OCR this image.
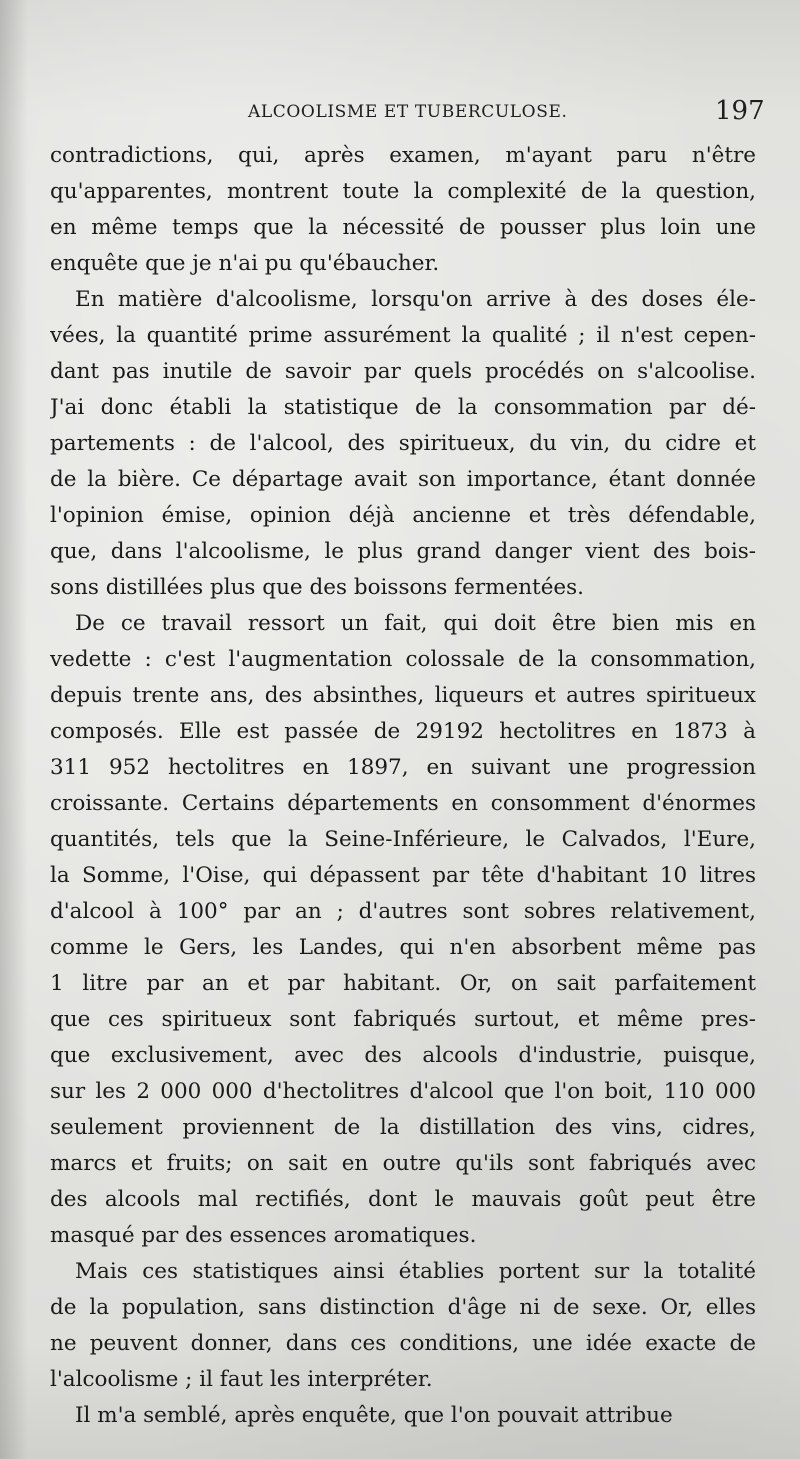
ALCOOLISME ET TUBERCULOSE.	197
contradictions, qui, après examen, m'ayant paru n'être
qu'apparentes, montrent toute la complexité de la question,
en même temps que la nécessité de pousser plus loin une
enquête que je n'ai pu qu'ébaucher.
En matière d'alcoolisme, lorsqu'on arrive à des doses éle-
vées, la quantité prime assurément la qualité ; il n'est cepen-
dant pas inutile de savoir par quels procédés on s'alcoolise.
J'ai donc établi la statistique de la consommation par dé-
partements : de l'alcool, des spiritueux, du vin, du cidre et
de la bière. Ce départage avait son importance, étant donnée
l'opinion émise, opinion déjà ancienne et très défendable,
que, dans l'alcoolisme, le plus grand danger vient des bois-
sons distillées plus que des boissons fermentées.
De ce travail ressort un fait, qui doit être bien mis en
vedette : c'est l'augmentation colossale de la consommation,
depuis trente ans, des absinthes, liqueurs et autres spiritueux
composés. Elle est passée de 29192 hectolitres en 1873 à
311 952 hectolitres en 1897, en suivant une progression
croissante. Certains départements en consomment d'énormes
quantités, tels que la Seine-Inférieure, le Calvados, l'Eure,
la Somme, l'Oise, qui dépassent par tête d'habitant 10 litres
d'alcool à 100° par an ; d'autres sont sobres relativement,
comme le Gers, les Landes, qui n'en absorbent même pas
1 litre par an et par habitant. Or, on sait parfaitement
que ces spiritueux sont fabriqués surtout, et même pres-
que exclusivement, avec des alcools d'industrie, puisque,
sur les 2 000 000 d'hectolitres d'alcool que l'on boit, 110 000
seulement proviennent de la distillation des vins, cidres,
marcs et fruits; on sait en outre qu'ils sont fabriqués avec
des alcools mal rectifiés, dont le mauvais goût peut être
masqué par des essences aromatiques.
Mais ces statistiques ainsi établies portent sur la totalité
de la population, sans distinction d'âge ni de sexe. Or, elles
ne peuvent donner, dans ces conditions, une idée exacte de
l'alcoolisme ; il faut les interpréter.
Il m'a semblé, après enquête, que l'on pouvait attribue
